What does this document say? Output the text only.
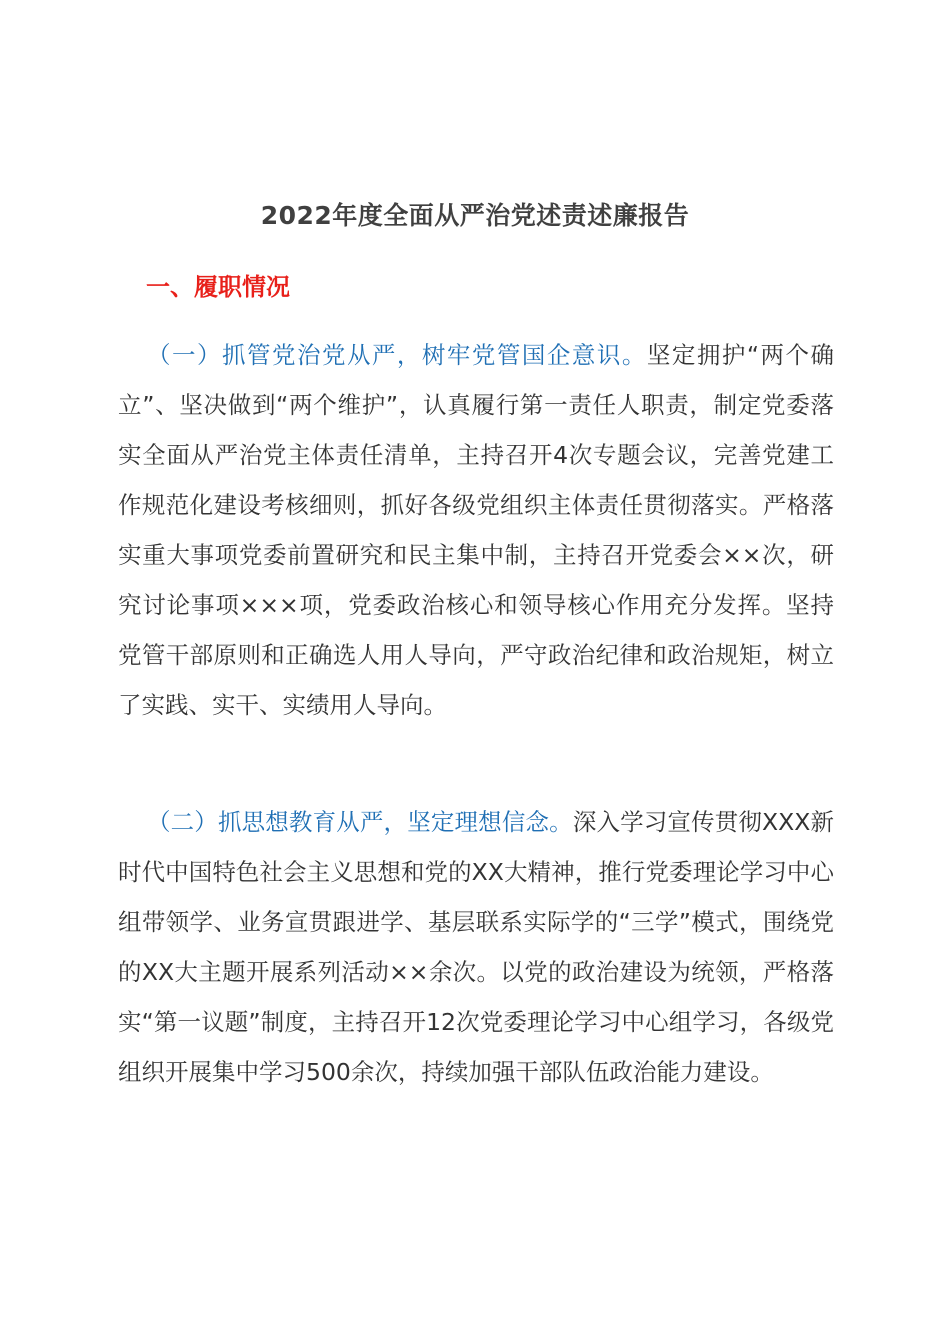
2022年度全面从严治党述责述廉报告
一、履职情况

（一）抓管党治党从严，树牢党管国企意识。坚定拥护“两个确立”、坚决做到“两个维护”，认真履行第一责任人职责，制定党委落实全面从严治党主体责任清单，主持召开4次专题会议，完善党建工作规范化建设考核细则，抓好各级党组织主体责任贯彻落实。严格落实重大事项党委前置研究和民主集中制，主持召开党委会××次，研究讨论事项×××项，党委政治核心和领导核心作用充分发挥。坚持党管干部原则和正确选人用人导向，严守政治纪律和政治规矩，树立了实践、实干、实绩用人导向。

（二）抓思想教育从严，坚定理想信念。深入学习宣传贯彻XXX新时代中国特色社会主义思想和党的XX大精神，推行党委理论学习中心组带领学、业务宣贯跟进学、基层联系实际学的“三学”模式，围绕党的XX大主题开展系列活动××余次。以党的政治建设为统领，严格落实“第一议题”制度，主持召开12次党委理论学习中心组学习，各级党组织开展集中学习500余次，持续加强干部队伍政治能力建设。
